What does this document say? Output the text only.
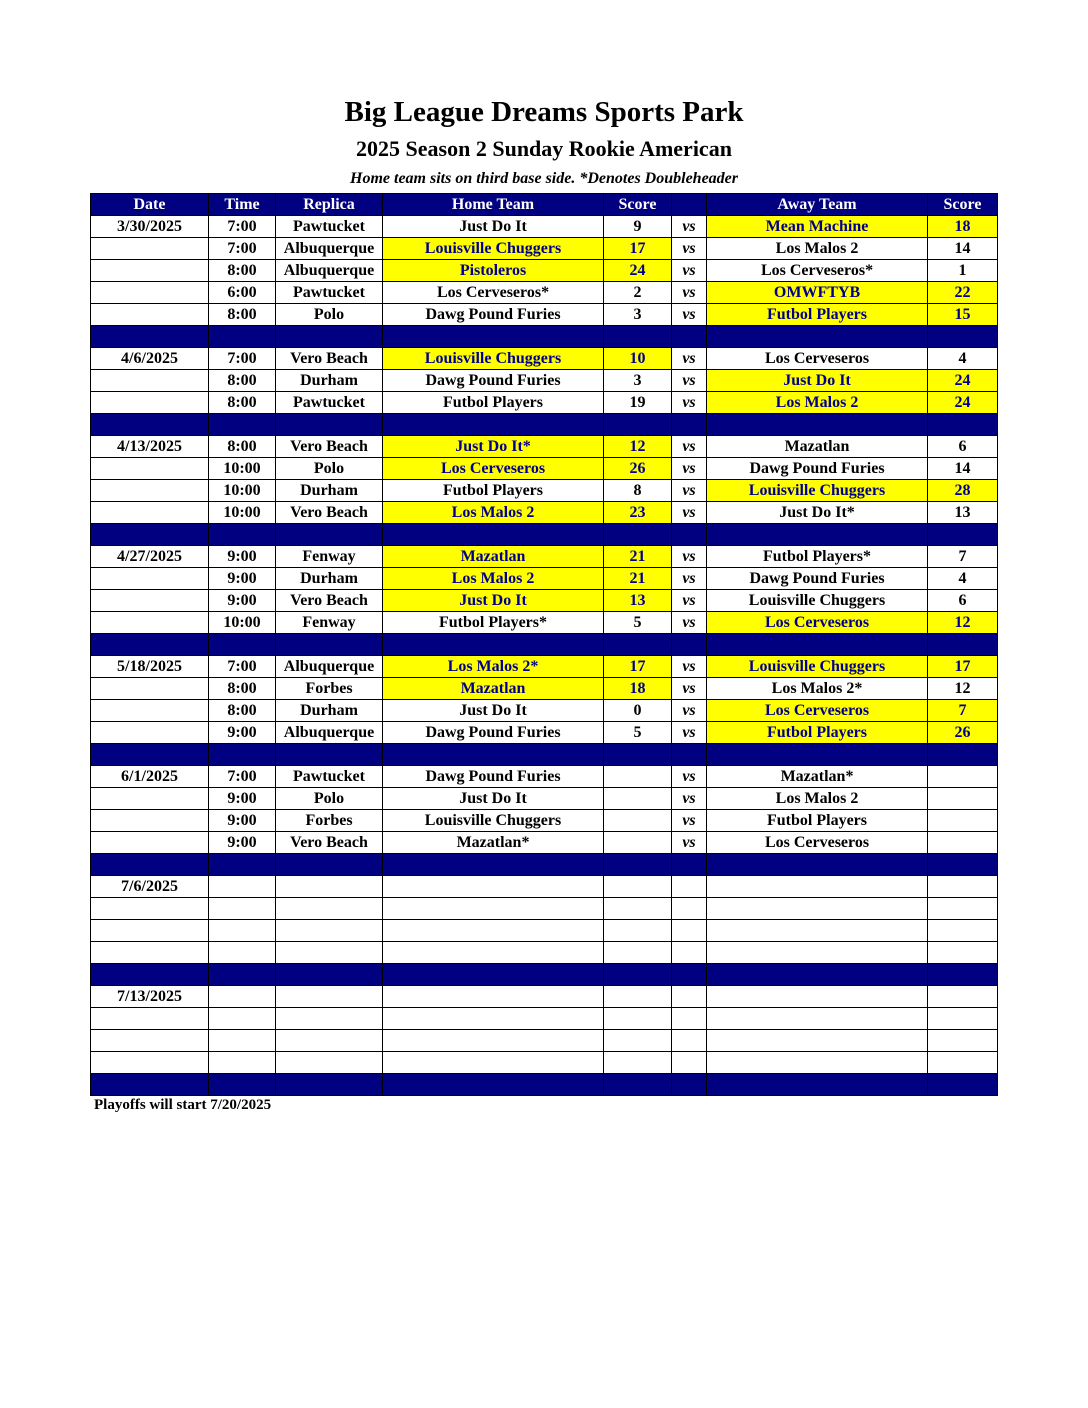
Big League Dreams Sports Park
2025 Season 2 Sunday Rookie American
Home team sits on third base side. *Denotes Doubleheader
Date	Time	Replica	Home Team	Score		Away Team	Score
3/30/2025	7:00	Pawtucket	Just Do It	9	vs	Mean Machine	18
	7:00	Albuquerque	Louisville Chuggers	17	vs	Los Malos 2	14
	8:00	Albuquerque	Pistoleros	24	vs	Los Cerveseros*	1
	6:00	Pawtucket	Los Cerveseros*	2	vs	OMWFTYB	22
	8:00	Polo	Dawg Pound Furies	3	vs	Futbol Players	15

4/6/2025	7:00	Vero Beach	Louisville Chuggers	10	vs	Los Cerveseros	4
	8:00	Durham	Dawg Pound Furies	3	vs	Just Do It	24
	8:00	Pawtucket	Futbol Players	19	vs	Los Malos 2	24

4/13/2025	8:00	Vero Beach	Just Do It*	12	vs	Mazatlan	6
	10:00	Polo	Los Cerveseros	26	vs	Dawg Pound Furies	14
	10:00	Durham	Futbol Players	8	vs	Louisville Chuggers	28
	10:00	Vero Beach	Los Malos 2	23	vs	Just Do It*	13

4/27/2025	9:00	Fenway	Mazatlan	21	vs	Futbol Players*	7
	9:00	Durham	Los Malos 2	21	vs	Dawg Pound Furies	4
	9:00	Vero Beach	Just Do It	13	vs	Louisville Chuggers	6
	10:00	Fenway	Futbol Players*	5	vs	Los Cerveseros	12

5/18/2025	7:00	Albuquerque	Los Malos 2*	17	vs	Louisville Chuggers	17
	8:00	Forbes	Mazatlan	18	vs	Los Malos 2*	12
	8:00	Durham	Just Do It	0	vs	Los Cerveseros	7
	9:00	Albuquerque	Dawg Pound Furies	5	vs	Futbol Players	26

6/1/2025	7:00	Pawtucket	Dawg Pound Furies		vs	Mazatlan*	
	9:00	Polo	Just Do It		vs	Los Malos 2	
	9:00	Forbes	Louisville Chuggers		vs	Futbol Players	
	9:00	Vero Beach	Mazatlan*		vs	Los Cerveseros	

7/6/2025							

7/13/2025							

Playoffs will start 7/20/2025
